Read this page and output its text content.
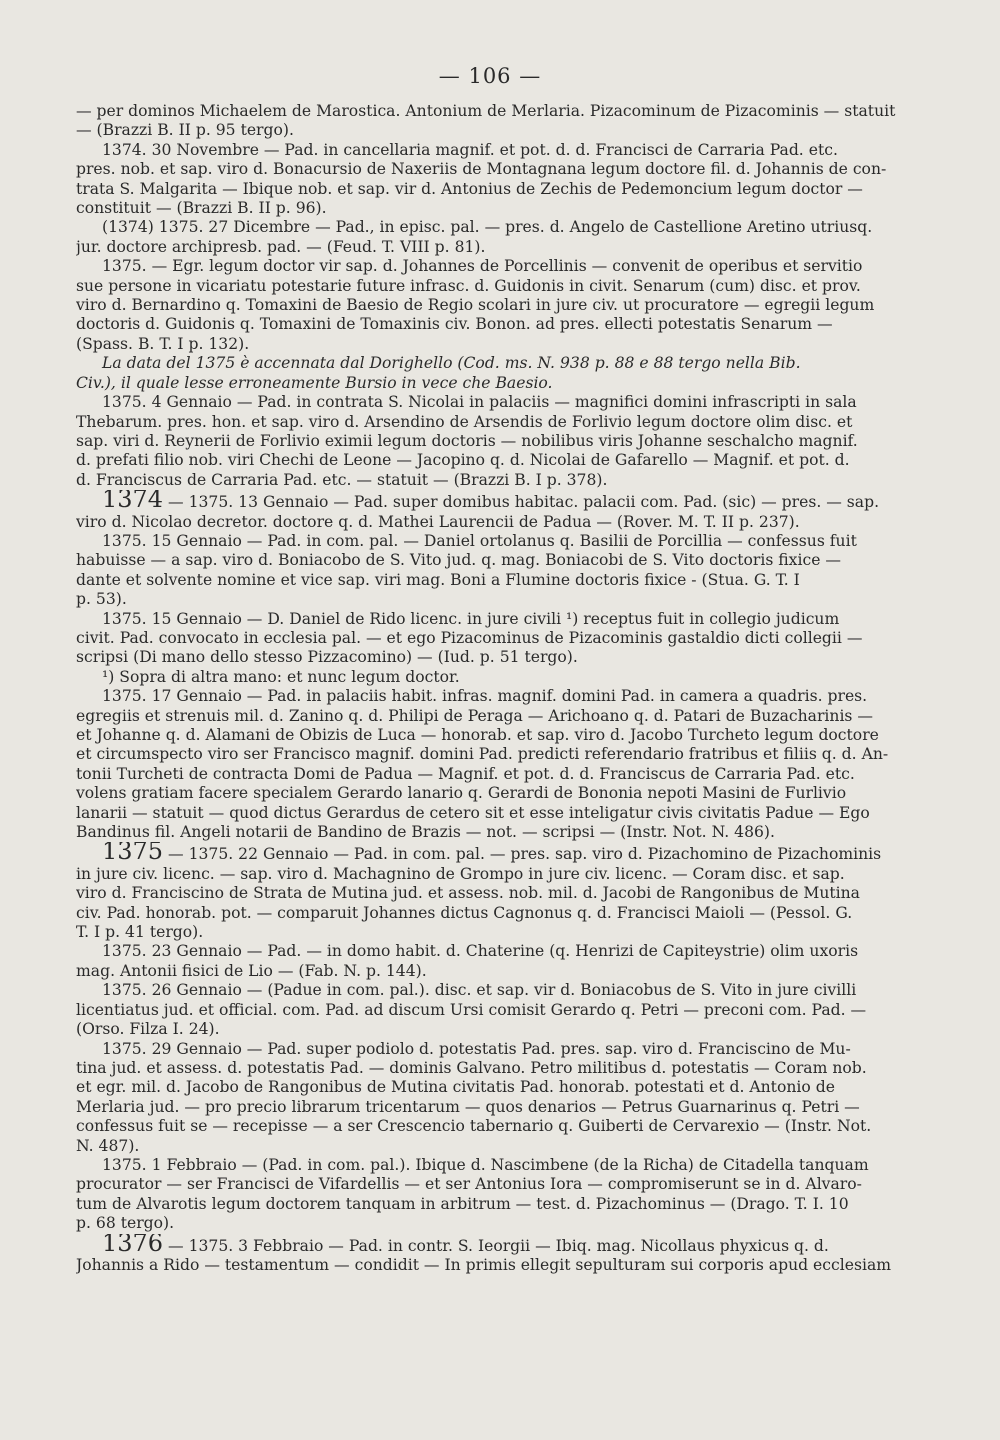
— 106 —
— per dominos Michaelem de Marostica. Antonium de Merlaria. Pizacominum de Pizacominis — statuit
— (Brazzi B. II p. 95 tergo).
1374. 30 Novembre — Pad. in cancellaria magnif. et pot. d. d. Francisci de Carraria Pad. etc.
pres. nob. et sap. viro d. Bonacursio de Naxeriis de Montagnana legum doctore fil. d. Johannis de con-
trata S. Malgarita — Ibique nob. et sap. vir d. Antonius de Zechis de Pedemoncium legum doctor —
constituit — (Brazzi B. II p. 96).
(1374) 1375. 27 Dicembre — Pad., in episc. pal. — pres. d. Angelo de Castellione Aretino utriusq.
jur. doctore archipresb. pad. — (Feud. T. VIII p. 81).
1375. — Egr. legum doctor vir sap. d. Johannes de Porcellinis — convenit de operibus et servitio
sue persone in vicariatu potestarie future infrasc. d. Guidonis in civit. Senarum (cum) disc. et prov.
viro d. Bernardino q. Tomaxini de Baesio de Regio scolari in jure civ. ut procuratore — egregii legum
doctoris d. Guidonis q. Tomaxini de Tomaxinis civ. Bonon. ad pres. ellecti potestatis Senarum —
(Spass. B. T. I p. 132).
La data del 1375 è accennata dal Dorighello (Cod. ms. N. 938 p. 88 e 88 tergo nella Bib.
Civ.), il quale lesse erroneamente Bursio in vece che Baesio.
1375. 4 Gennaio — Pad. in contrata S. Nicolai in palaciis — magnifici domini infrascripti in sala
Thebarum. pres. hon. et sap. viro d. Arsendino de Arsendis de Forlivio legum doctore olim disc. et
sap. viri d. Reynerii de Forlivio eximii legum doctoris — nobilibus viris Johanne seschalcho magnif.
d. prefati filio nob. viri Chechi de Leone — Jacopino q. d. Nicolai de Gafarello — Magnif. et pot. d.
d. Franciscus de Carraria Pad. etc. — statuit — (Brazzi B. I p. 378).
1374 — 1375. 13 Gennaio — Pad. super domibus habitac. palacii com. Pad. (sic) — pres. — sap.
viro d. Nicolao decretor. doctore q. d. Mathei Laurencii de Padua — (Rover. M. T. II p. 237).
1375. 15 Gennaio — Pad. in com. pal. — Daniel ortolanus q. Basilii de Porcillia — confessus fuit
habuisse — a sap. viro d. Boniacobo de S. Vito jud. q. mag. Boniacobi de S. Vito doctoris fixice —
dante et solvente nomine et vice sap. viri mag. Boni a Flumine doctoris fixice - (Stua. G. T. I
p. 53).
1375. 15 Gennaio — D. Daniel de Rido licenc. in jure civili ¹) receptus fuit in collegio judicum
civit. Pad. convocato in ecclesia pal. — et ego Pizacominus de Pizacominis gastaldio dicti collegii —
scripsi (Di mano dello stesso Pizzacomino) — (Iud. p. 51 tergo).
¹) Sopra di altra mano: et nunc legum doctor.
1375. 17 Gennaio — Pad. in palaciis habit. infras. magnif. domini Pad. in camera a quadris. pres.
egregiis et strenuis mil. d. Zanino q. d. Philipi de Peraga — Arichoano q. d. Patari de Buzacharinis —
et Johanne q. d. Alamani de Obizis de Luca — honorab. et sap. viro d. Jacobo Turcheto legum doctore
et circumspecto viro ser Francisco magnif. domini Pad. predicti referendario fratribus et filiis q. d. An-
tonii Turcheti de contracta Domi de Padua — Magnif. et pot. d. d. Franciscus de Carraria Pad. etc.
volens gratiam facere specialem Gerardo lanario q. Gerardi de Bononia nepoti Masini de Furlivio
lanarii — statuit — quod dictus Gerardus de cetero sit et esse inteligatur civis civitatis Padue — Ego
Bandinus fil. Angeli notarii de Bandino de Brazis — not. — scripsi — (Instr. Not. N. 486).
1375 — 1375. 22 Gennaio — Pad. in com. pal. — pres. sap. viro d. Pizachomino de Pizachominis
in jure civ. licenc. — sap. viro d. Machagnino de Grompo in jure civ. licenc. — Coram disc. et sap.
viro d. Franciscino de Strata de Mutina jud. et assess. nob. mil. d. Jacobi de Rangonibus de Mutina
civ. Pad. honorab. pot. — comparuit Johannes dictus Cagnonus q. d. Francisci Maioli — (Pessol. G.
T. I p. 41 tergo).
1375. 23 Gennaio — Pad. — in domo habit. d. Chaterine (q. Henrizi de Capiteystrie) olim uxoris
mag. Antonii fisici de Lio — (Fab. N. p. 144).
1375. 26 Gennaio — (Padue in com. pal.). disc. et sap. vir d. Boniacobus de S. Vito in jure civilli
licentiatus jud. et official. com. Pad. ad discum Ursi comisit Gerardo q. Petri — preconi com. Pad. —
(Orso. Filza I. 24).
1375. 29 Gennaio — Pad. super podiolo d. potestatis Pad. pres. sap. viro d. Franciscino de Mu-
tina jud. et assess. d. potestatis Pad. — dominis Galvano. Petro militibus d. potestatis — Coram nob.
et egr. mil. d. Jacobo de Rangonibus de Mutina civitatis Pad. honorab. potestati et d. Antonio de
Merlaria jud. — pro precio librarum tricentarum — quos denarios — Petrus Guarnarinus q. Petri —
confessus fuit se — recepisse — a ser Crescencio tabernario q. Guiberti de Cervarexio — (Instr. Not.
N. 487).
1375. 1 Febbraio — (Pad. in com. pal.). Ibique d. Nascimbene (de la Richa) de Citadella tanquam
procurator — ser Francisci de Vifardellis — et ser Antonius Iora — compromiserunt se in d. Alvaro-
tum de Alvarotis legum doctorem tanquam in arbitrum — test. d. Pizachominus — (Drago. T. I. 10
p. 68 tergo).
1376 — 1375. 3 Febbraio — Pad. in contr. S. Ieorgii — Ibiq. mag. Nicollaus phyxicus q. d.
Johannis a Rido — testamentum — condidit — In primis ellegit sepulturam sui corporis apud ecclesiam
